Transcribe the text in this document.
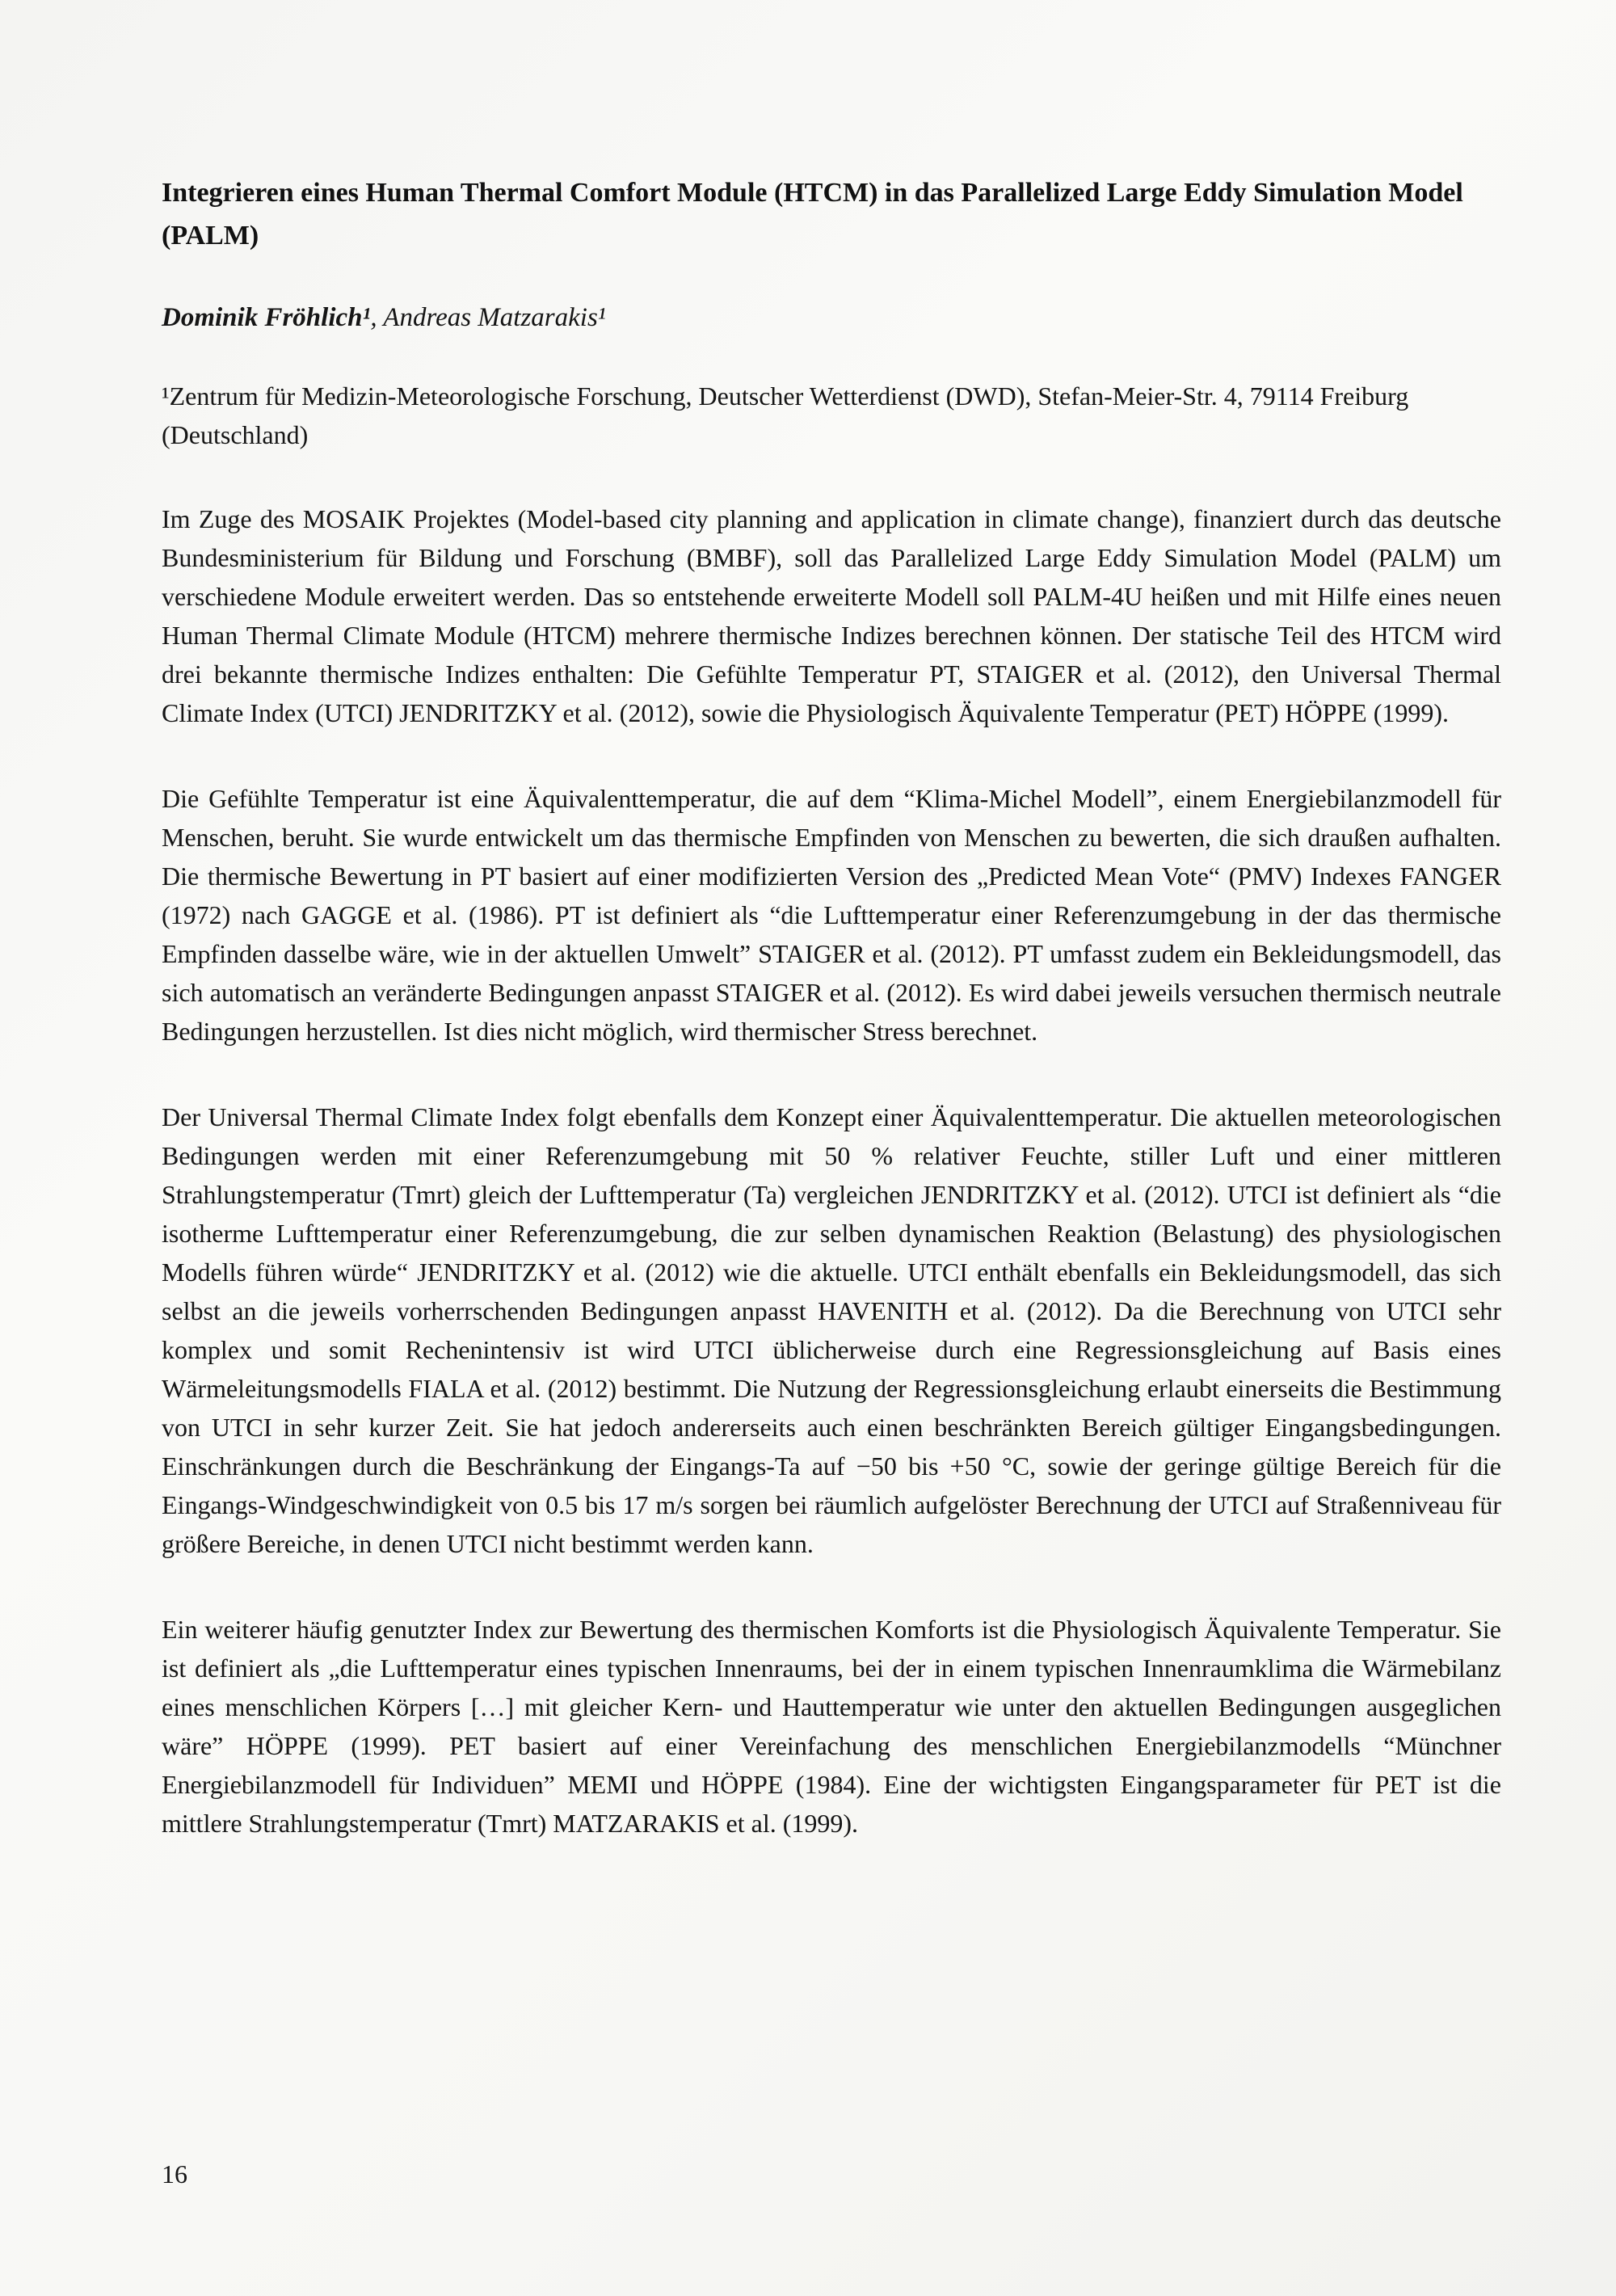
Integrieren eines Human Thermal Comfort Module (HTCM) in das Parallelized Large Eddy Simulation Model (PALM)

Dominik Fröhlich¹, Andreas Matzarakis¹

¹Zentrum für Medizin-Meteorologische Forschung, Deutscher Wetterdienst (DWD), Stefan-Meier-Str. 4, 79114 Freiburg (Deutschland)

Im Zuge des MOSAIK Projektes (Model-based city planning and application in climate change), finanziert durch das deutsche Bundesministerium für Bildung und Forschung (BMBF), soll das Parallelized Large Eddy Simulation Model (PALM) um verschiedene Module erweitert werden. Das so entstehende erweiterte Modell soll PALM-4U heißen und mit Hilfe eines neuen Human Thermal Climate Module (HTCM) mehrere thermische Indizes berechnen können. Der statische Teil des HTCM wird drei bekannte thermische Indizes enthalten: Die Gefühlte Temperatur PT, STAIGER et al. (2012), den Universal Thermal Climate Index (UTCI) JENDRITZKY et al. (2012), sowie die Physiologisch Äquivalente Temperatur (PET) HÖPPE (1999).

Die Gefühlte Temperatur ist eine Äquivalenttemperatur, die auf dem “Klima-Michel Modell”, einem Energiebilanzmodell für Menschen, beruht. Sie wurde entwickelt um das thermische Empfinden von Menschen zu bewerten, die sich draußen aufhalten. Die thermische Bewertung in PT basiert auf einer modifizierten Version des „Predicted Mean Vote“ (PMV) Indexes FANGER (1972) nach GAGGE et al. (1986). PT ist definiert als “die Lufttemperatur einer Referenzumgebung in der das thermische Empfinden dasselbe wäre, wie in der aktuellen Umwelt” STAIGER et al. (2012). PT umfasst zudem ein Bekleidungsmodell, das sich automatisch an veränderte Bedingungen anpasst STAIGER et al. (2012). Es wird dabei jeweils versuchen thermisch neutrale Bedingungen herzustellen. Ist dies nicht möglich, wird thermischer Stress berechnet.

Der Universal Thermal Climate Index folgt ebenfalls dem Konzept einer Äquivalenttemperatur. Die aktuellen meteorologischen Bedingungen werden mit einer Referenzumgebung mit 50 % relativer Feuchte, stiller Luft und einer mittleren Strahlungstemperatur (Tmrt) gleich der Lufttemperatur (Ta) vergleichen JENDRITZKY et al. (2012). UTCI ist definiert als “die isotherme Lufttemperatur einer Referenzumgebung, die zur selben dynamischen Reaktion (Belastung) des physiologischen Modells führen würde“ JENDRITZKY et al. (2012) wie die aktuelle. UTCI enthält ebenfalls ein Bekleidungsmodell, das sich selbst an die jeweils vorherrschenden Bedingungen anpasst HAVENITH et al. (2012). Da die Berechnung von UTCI sehr komplex und somit Rechenintensiv ist wird UTCI üblicherweise durch eine Regressionsgleichung auf Basis eines Wärmeleitungsmodells FIALA et al. (2012) bestimmt. Die Nutzung der Regressionsgleichung erlaubt einerseits die Bestimmung von UTCI in sehr kurzer Zeit. Sie hat jedoch andererseits auch einen beschränkten Bereich gültiger Eingangsbedingungen. Einschränkungen durch die Beschränkung der Eingangs-Ta auf −50 bis +50 °C, sowie der geringe gültige Bereich für die Eingangs-Windgeschwindigkeit von 0.5 bis 17 m/s sorgen bei räumlich aufgelöster Berechnung der UTCI auf Straßenniveau für größere Bereiche, in denen UTCI nicht bestimmt werden kann.

Ein weiterer häufig genutzter Index zur Bewertung des thermischen Komforts ist die Physiologisch Äquivalente Temperatur. Sie ist definiert als „die Lufttemperatur eines typischen Innenraums, bei der in einem typischen Innenraumklima die Wärmebilanz eines menschlichen Körpers […] mit gleicher Kern- und Hauttemperatur wie unter den aktuellen Bedingungen ausgeglichen wäre” HÖPPE (1999). PET basiert auf einer Vereinfachung des menschlichen Energiebilanzmodells “Münchner Energiebilanzmodell für Individuen” MEMI und HÖPPE (1984). Eine der wichtigsten Eingangsparameter für PET ist die mittlere Strahlungstemperatur (Tmrt) MATZARAKIS et al. (1999).

16
